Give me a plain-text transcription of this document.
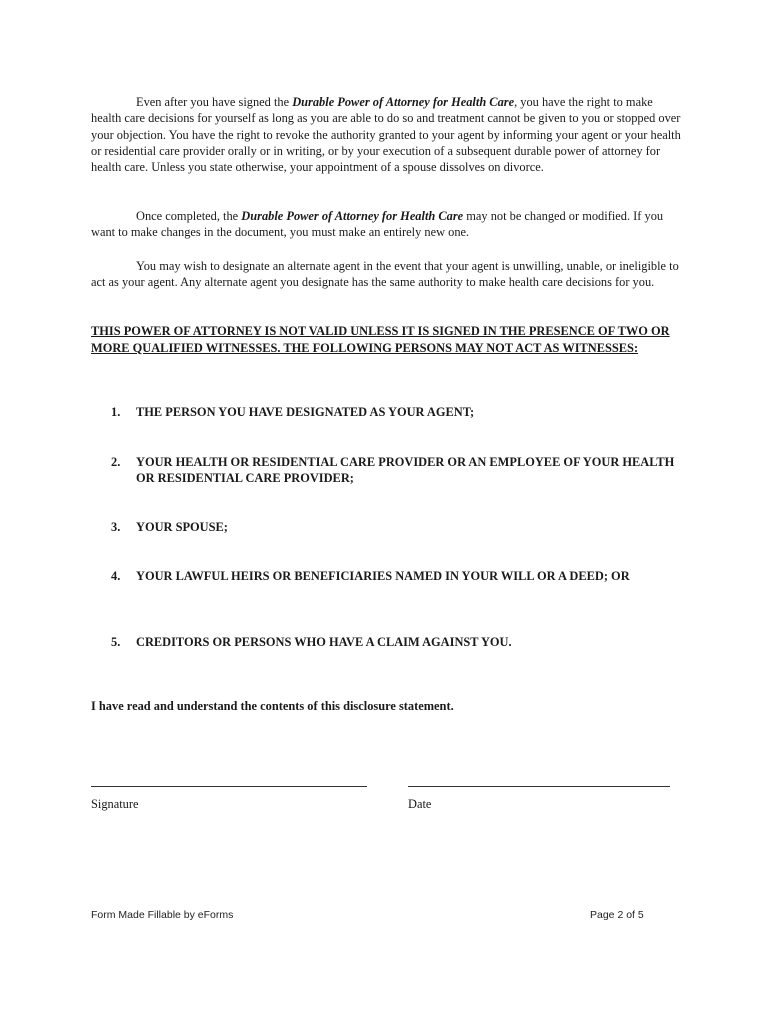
Even after you have signed the Durable Power of Attorney for Health Care, you have the right to make health care decisions for yourself as long as you are able to do so and treatment cannot be given to you or stopped over your objection. You have the right to revoke the authority granted to your agent by informing your agent or your health or residential care provider orally or in writing, or by your execution of a subsequent durable power of attorney for health care. Unless you state otherwise, your appointment of a spouse dissolves on divorce.

Once completed, the Durable Power of Attorney for Health Care may not be changed or modified. If you want to make changes in the document, you must make an entirely new one.

You may wish to designate an alternate agent in the event that your agent is unwilling, unable, or ineligible to act as your agent. Any alternate agent you designate has the same authority to make health care decisions for you.

THIS POWER OF ATTORNEY IS NOT VALID UNLESS IT IS SIGNED IN THE PRESENCE OF TWO OR MORE QUALIFIED WITNESSES. THE FOLLOWING PERSONS MAY NOT ACT AS WITNESSES:

1.	THE PERSON YOU HAVE DESIGNATED AS YOUR AGENT;
2.	YOUR HEALTH OR RESIDENTIAL CARE PROVIDER OR AN EMPLOYEE OF YOUR HEALTH OR RESIDENTIAL CARE PROVIDER;
3.	YOUR SPOUSE;
4.	YOUR LAWFUL HEIRS OR BENEFICIARIES NAMED IN YOUR WILL OR A DEED; OR
5.	CREDITORS OR PERSONS WHO HAVE A CLAIM AGAINST YOU.

I have read and understand the contents of this disclosure statement.

Signature	Date
Form Made Fillable by eForms	Page 2 of 5
